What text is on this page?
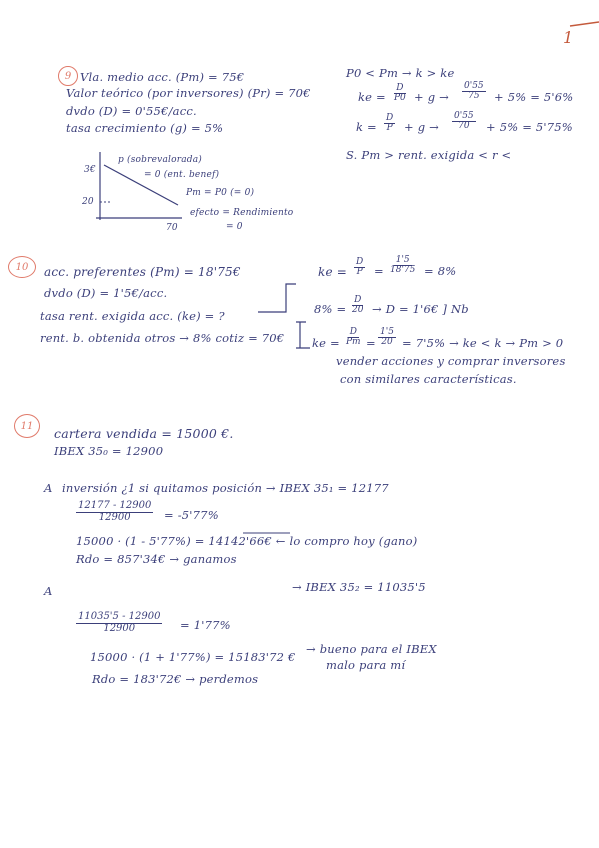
1
9 Vla. medio acc. (Pm) = 75€
Valor teórico (por inversores) (Pr) = 70€
dvdo (D) = 0'55€/acc.
tasa crecimiento (g) = 5%
3€
20
70
p (sobrevalorada)
= 0 (ent. benef)
Pm = P0 (= 0)
efecto = Rendimiento
= 0
P0 < Pm → k > ke
ke = $\frac{D}{P0} + g \to \frac{0'55}{75} + 5\% = 5'6\%$
$k = \frac{D}{P} + g \to \frac{0'55}{70} + 5\% = 5'75\%$
S. Pm > rent. exigida < r <
10	acc. preferentes (Pm) = 18'75€
dvdo (D) = 1'5€/acc.
tasa rent. exigida acc. (ke) = ?
rent. b. obtenida otros → 8% cotiz = 70€
ke = $\frac{D}{P} = \frac{1'5}{18'75} = 8\%$
$8\% = \frac{D}{20} \to D$ = 1'6€ ] Nb
ke = $\frac{D}{Pm} = \frac{1'5}{20} = 7'5\%$ → ke < k → Pm > 0
vender acciones y comprar inversores
con similares características.
11	cartera vendida = 15000 €.
IBEX 35₀ = 12900
A inversión ¿1 si quitamos posición → IBEX 35₁ = 12177
$\frac{12177 - 12900}{12900} = -5'77\%$
15000 · (1 - 5'77%) = 14142'66€ ← lo compro hoy (gano)
Rdo = 857'34€ → ganamos
A	→ IBEX 35₂ = 11035'5
$\frac{11035'5 - 12900}{12900} = 1'77\%$
15000 · (1 + 1'77%) = 15183'72 €
→ bueno para el IBEX
malo para mí
Rdo = 183'72€ → perdemos
